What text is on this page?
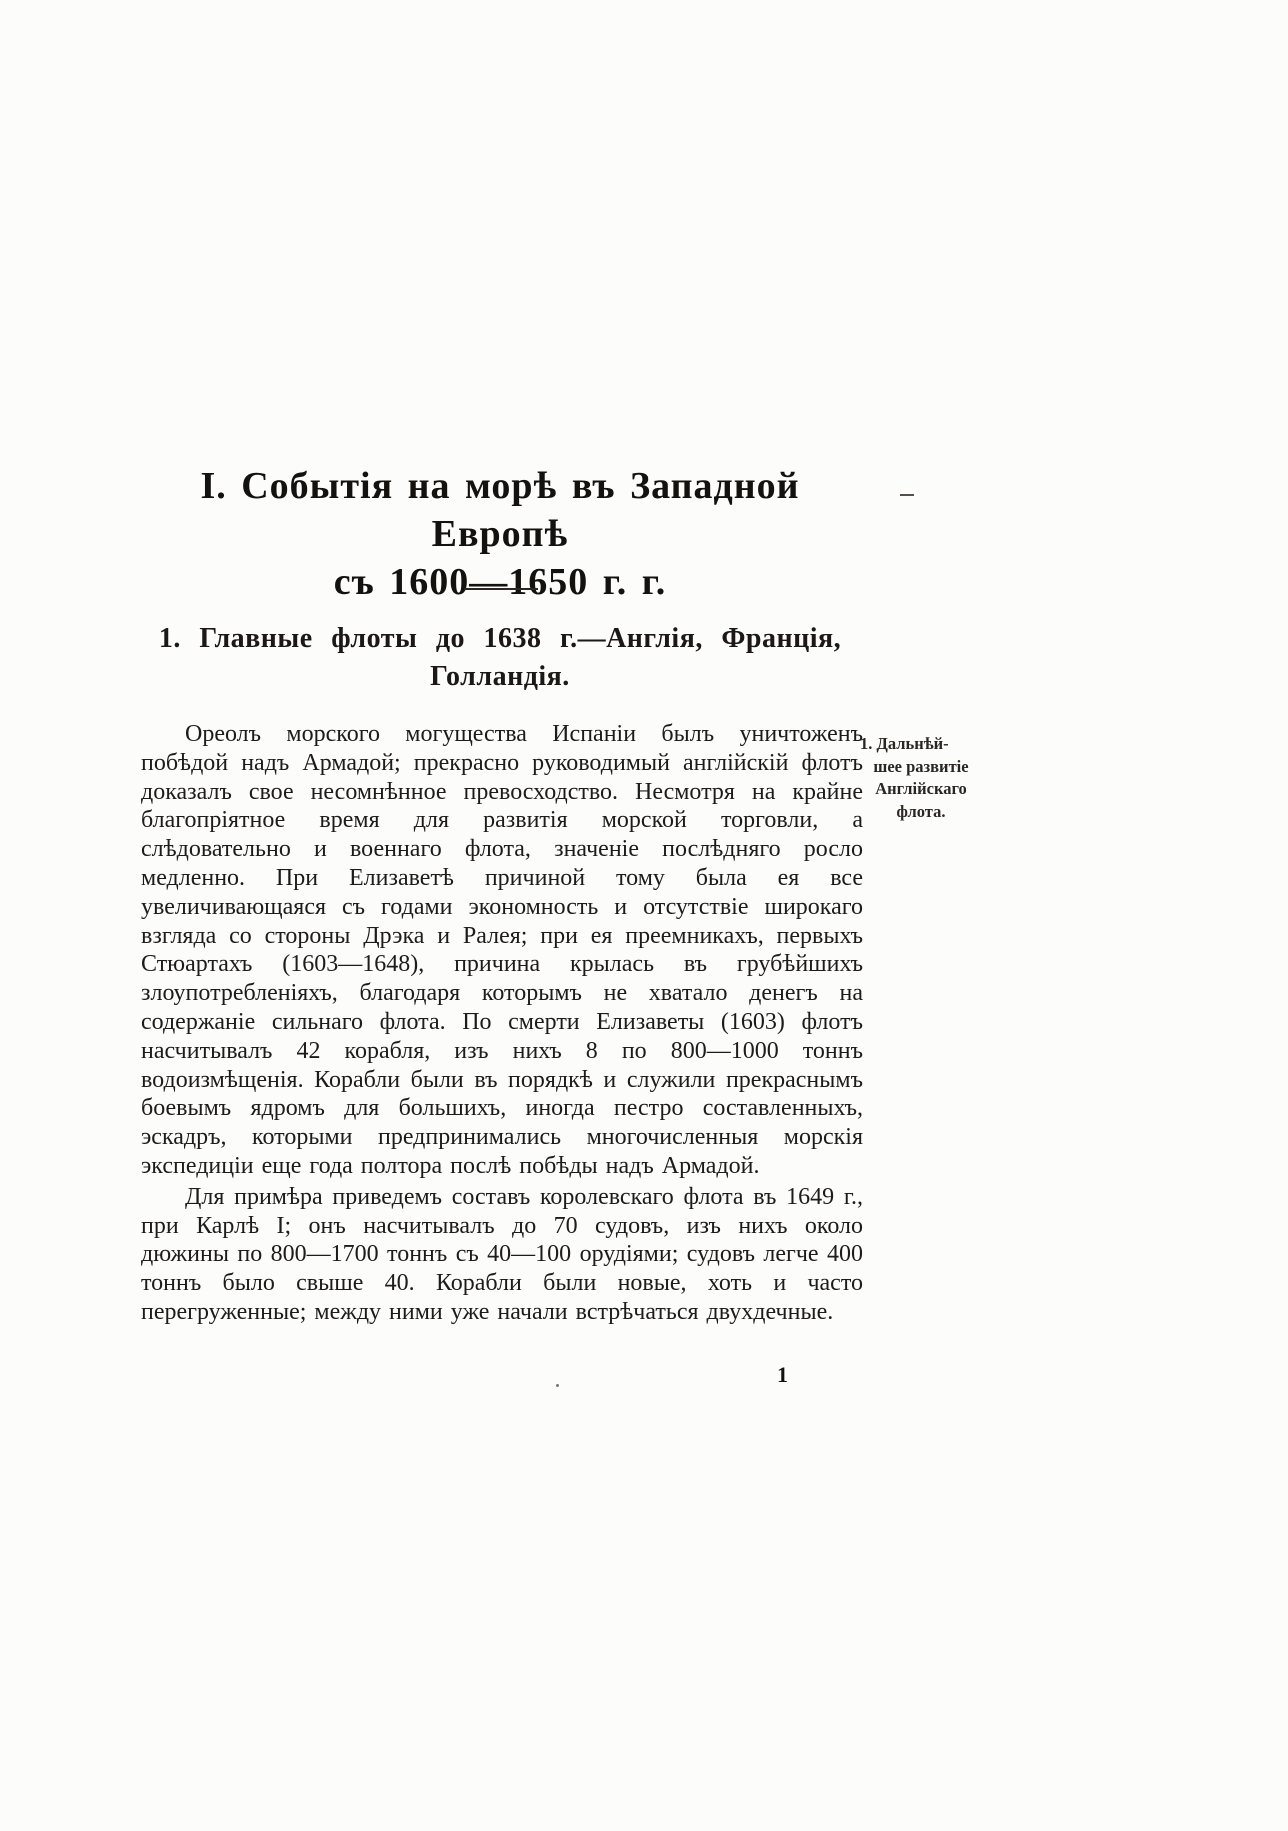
I. Событія на морѣ въ Западной Европѣ
съ 1600—1650 г. г.
1. Главные флоты до 1638 г.—Англія, Франція,
Голландія.

Ореолъ морского могущества Испаніи былъ уничтоженъ побѣдой надъ Армадой; прекрасно руководимый англійскій флотъ доказалъ свое несомнѣнное превосходство. Несмотря на крайне благопріятное время для развитія морской торговли, а слѣдовательно и военнаго флота, значеніе послѣдняго росло медленно. При Елизаветѣ причиной тому была ея все увеличивающаяся съ годами экономность и отсутствіе широкаго взгляда со стороны Дрэка и Ралея; при ея преемникахъ, первыхъ Стюартахъ (1603—1648), причина крылась въ грубѣйшихъ злоупотребленіяхъ, благодаря которымъ не хватало денегъ на содержаніе сильнаго флота. По смерти Елизаветы (1603) флотъ насчитывалъ 42 корабля, изъ нихъ 8 по 800—1000 тоннъ водоизмѣщенія. Корабли были въ порядкѣ и служили прекраснымъ боевымъ ядромъ для большихъ, иногда пестро составленныхъ, эскадръ, которыми предпринимались многочисленныя морскія экспедиціи еще года полтора послѣ побѣды надъ Армадой.

Для примѣра приведемъ составъ королевскаго флота въ 1649 г., при Карлѣ I; онъ насчитывалъ до 70 судовъ, изъ нихъ около дюжины по 800—1700 тоннъ съ 40—100 орудіями; судовъ легче 400 тоннъ было свыше 40. Корабли были новые, хоть и часто перегруженные; между ними уже начали встрѣчаться двухдечные.

1. Дальнѣй-
шее развитіе
Англійскаго
флота.
1
